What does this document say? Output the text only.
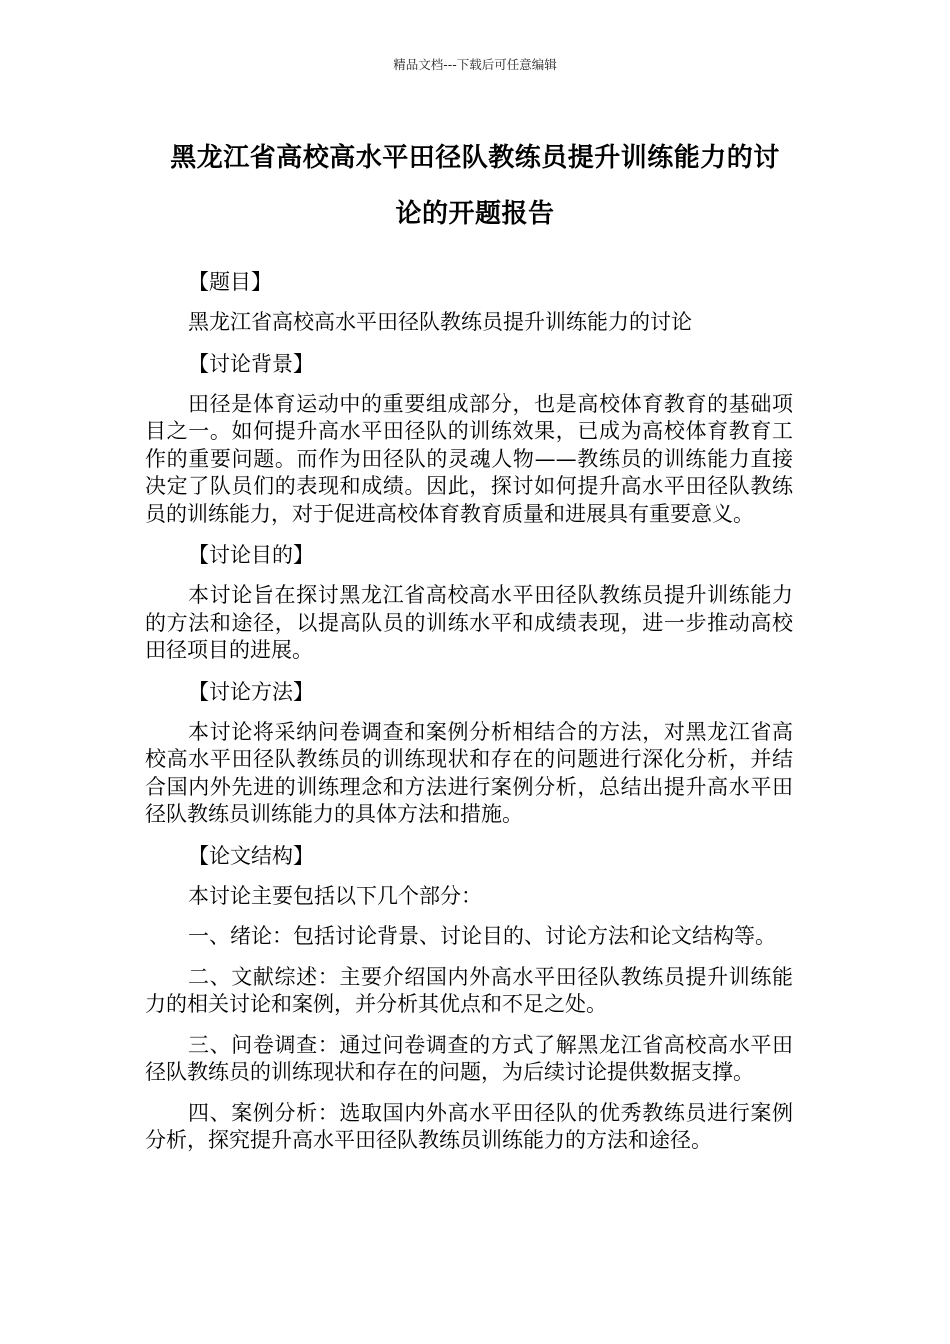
精品文档---下载后可任意编辑
黑龙江省高校高水平田径队教练员提升训练能力的讨
论的开题报告
【题目】
黑龙江省高校高水平田径队教练员提升训练能力的讨论
【讨论背景】
田径是体育运动中的重要组成部分，也是高校体育教育的基础项目之一。如何提升高水平田径队的训练效果，已成为高校体育教育工作的重要问题。而作为田径队的灵魂人物——教练员的训练能力直接决定了队员们的表现和成绩。因此，探讨如何提升高水平田径队教练员的训练能力，对于促进高校体育教育质量和进展具有重要意义。
【讨论目的】
本讨论旨在探讨黑龙江省高校高水平田径队教练员提升训练能力的方法和途径，以提高队员的训练水平和成绩表现，进一步推动高校田径项目的进展。
【讨论方法】
本讨论将采纳问卷调查和案例分析相结合的方法，对黑龙江省高校高水平田径队教练员的训练现状和存在的问题进行深化分析，并结合国内外先进的训练理念和方法进行案例分析，总结出提升高水平田径队教练员训练能力的具体方法和措施。
【论文结构】
本讨论主要包括以下几个部分：
一、绪论：包括讨论背景、讨论目的、讨论方法和论文结构等。
二、文献综述：主要介绍国内外高水平田径队教练员提升训练能力的相关讨论和案例，并分析其优点和不足之处。
三、问卷调查：通过问卷调查的方式了解黑龙江省高校高水平田径队教练员的训练现状和存在的问题，为后续讨论提供数据支撑。
四、案例分析：选取国内外高水平田径队的优秀教练员进行案例分析，探究提升高水平田径队教练员训练能力的方法和途径。
